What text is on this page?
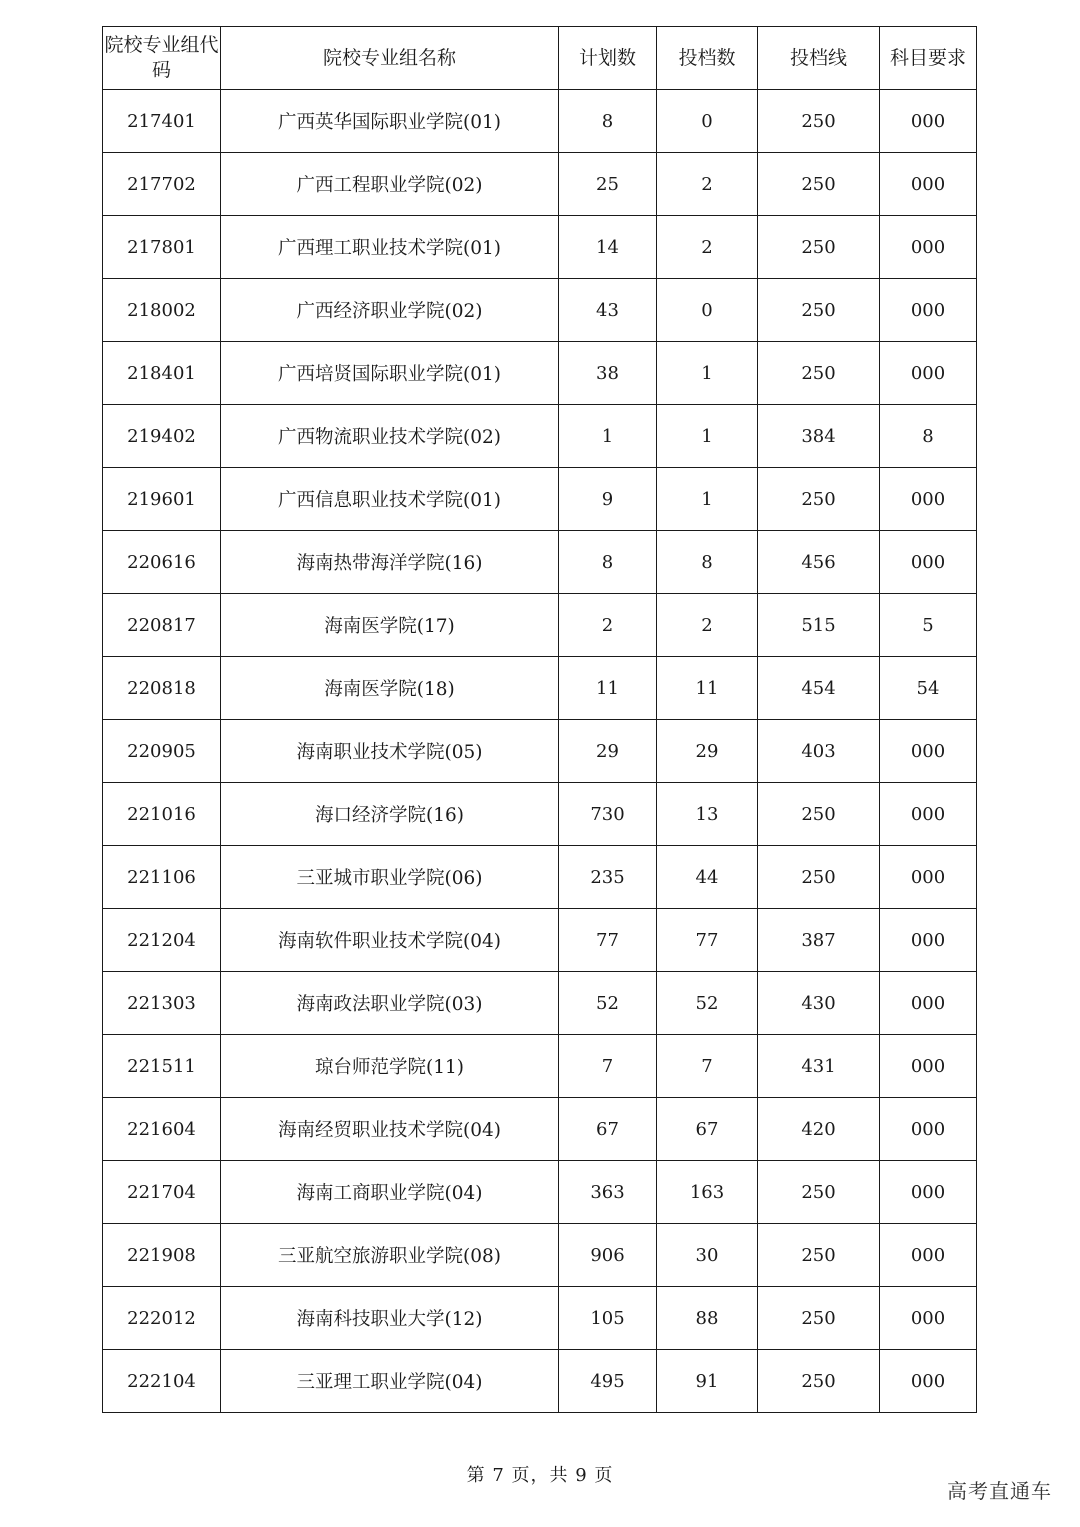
院校专业组代码	院校专业组名称	计划数	投档数	投档线	科目要求
217401	广西英华国际职业学院(01)	8	0	250	000
217702	广西工程职业学院(02)	25	2	250	000
217801	广西理工职业技术学院(01)	14	2	250	000
218002	广西经济职业学院(02)	43	0	250	000
218401	广西培贤国际职业学院(01)	38	1	250	000
219402	广西物流职业技术学院(02)	1	1	384	8
219601	广西信息职业技术学院(01)	9	1	250	000
220616	海南热带海洋学院(16)	8	8	456	000
220817	海南医学院(17)	2	2	515	5
220818	海南医学院(18)	11	11	454	54
220905	海南职业技术学院(05)	29	29	403	000
221016	海口经济学院(16)	730	13	250	000
221106	三亚城市职业学院(06)	235	44	250	000
221204	海南软件职业技术学院(04)	77	77	387	000
221303	海南政法职业学院(03)	52	52	430	000
221511	琼台师范学院(11)	7	7	431	000
221604	海南经贸职业技术学院(04)	67	67	420	000
221704	海南工商职业学院(04)	363	163	250	000
221908	三亚航空旅游职业学院(08)	906	30	250	000
222012	海南科技职业大学(12)	105	88	250	000
222104	三亚理工职业学院(04)	495	91	250	000
第 7 页，共 9 页
高考直通车
